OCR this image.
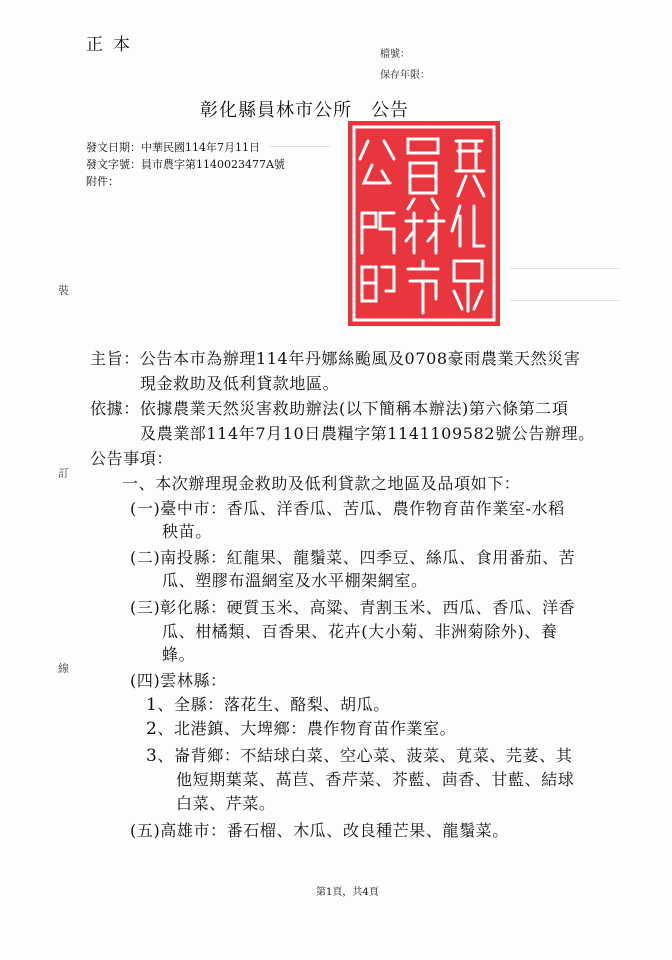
正本	檔號：
保存年限：
彰化縣員林市公所　公告
發文日期：中華民國114年7月11日
發文字號：員市農字第1140023477A號
附件：
裝
訂
線
主旨：公告本市為辦理114年丹娜絲颱風及0708豪雨農業天然災害
現金救助及低利貸款地區。
依據：依據農業天然災害救助辦法(以下簡稱本辦法)第六條第二項
及農業部114年7月10日農糧字第1141109582號公告辦理。
公告事項：
一、本次辦理現金救助及低利貸款之地區及品項如下：
(一)臺中市：香瓜、洋香瓜、苦瓜、農作物育苗作業室-水稻
秧苗。
(二)南投縣：紅龍果、龍鬚菜、四季豆、絲瓜、食用番茄、苦
瓜、塑膠布溫網室及水平棚架網室。
(三)彰化縣：硬質玉米、高粱、青割玉米、西瓜、香瓜、洋香
瓜、柑橘類、百香果、花卉(大小菊、非洲菊除外)、養
蜂。
(四)雲林縣：
1、全縣：落花生、酪梨、胡瓜。
2、北港鎮、大埤鄉：農作物育苗作業室。
3、崙背鄉：不結球白菜、空心菜、菠菜、莧菜、芫荽、其
他短期葉菜、萵苣、香芹菜、芥藍、茴香、甘藍、結球
白菜、芹菜。
(五)高雄市：番石榴、木瓜、改良種芒果、龍鬚菜。
第1頁，共4頁
